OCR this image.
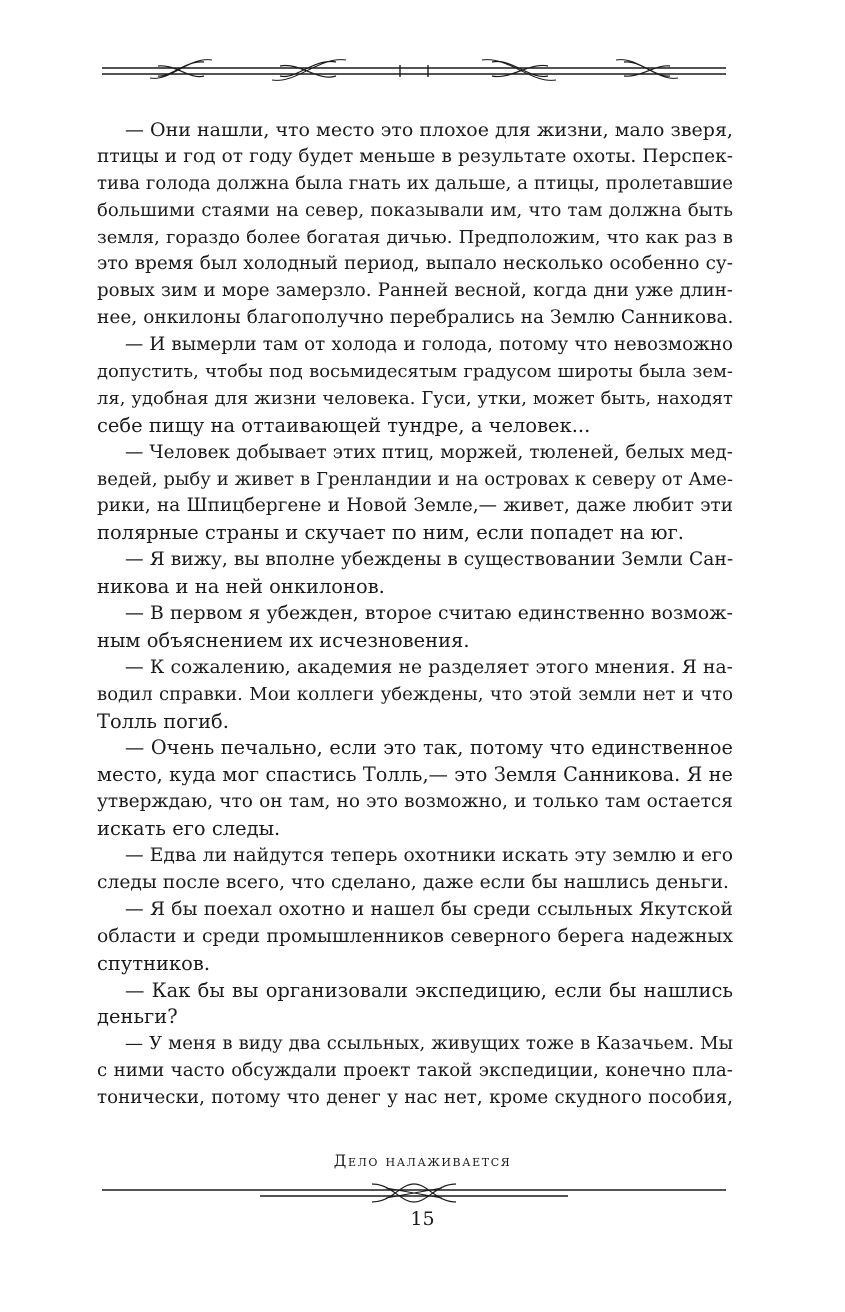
— Они нашли, что место это плохое для жизни, мало зверя,
птицы и год от году будет меньше в результате охоты. Перспек-
тива голода должна была гнать их дальше, а птицы, пролетавшие
большими стаями на север, показывали им, что там должна быть
земля, гораздо более богатая дичью. Предположим, что как раз в
это время был холодный период, выпало несколько особенно су-
ровых зим и море замерзло. Ранней весной, когда дни уже длин-
нее, онкилоны благополучно перебрались на Землю Санникова.
— И вымерли там от холода и голода, потому что невозможно
допустить, чтобы под восьмидесятым градусом широты была зем-
ля, удобная для жизни человека. Гуси, утки, может быть, находят
себе пищу на оттаивающей тундре, а человек...
— Человек добывает этих птиц, моржей, тюленей, белых мед-
ведей, рыбу и живет в Гренландии и на островах к северу от Аме-
рики, на Шпицбергене и Новой Земле,— живет, даже любит эти
полярные страны и скучает по ним, если попадет на юг.
— Я вижу, вы вполне убеждены в существовании Земли Сан-
никова и на ней онкилонов.
— В первом я убежден, второе считаю единственно возмож-
ным объяснением их исчезновения.
— К сожалению, академия не разделяет этого мнения. Я на-
водил справки. Мои коллеги убеждены, что этой земли нет и что
Толль погиб.
— Очень печально, если это так, потому что единственное
место, куда мог спастись Толль,— это Земля Санникова. Я не
утверждаю, что он там, но это возможно, и только там остается
искать его следы.
— Едва ли найдутся теперь охотники искать эту землю и его
следы после всего, что сделано, даже если бы нашлись деньги.
— Я бы поехал охотно и нашел бы среди ссыльных Якутской
области и среди промышленников северного берега надежных
спутников.
— Как бы вы организовали экспедицию, если бы нашлись
деньги?
— У меня в виду два ссыльных, живущих тоже в Казачьем. Мы
с ними часто обсуждали проект такой экспедиции, конечно пла-
тонически, потому что денег у нас нет, кроме скудного пособия,
Дело налаживается
15
